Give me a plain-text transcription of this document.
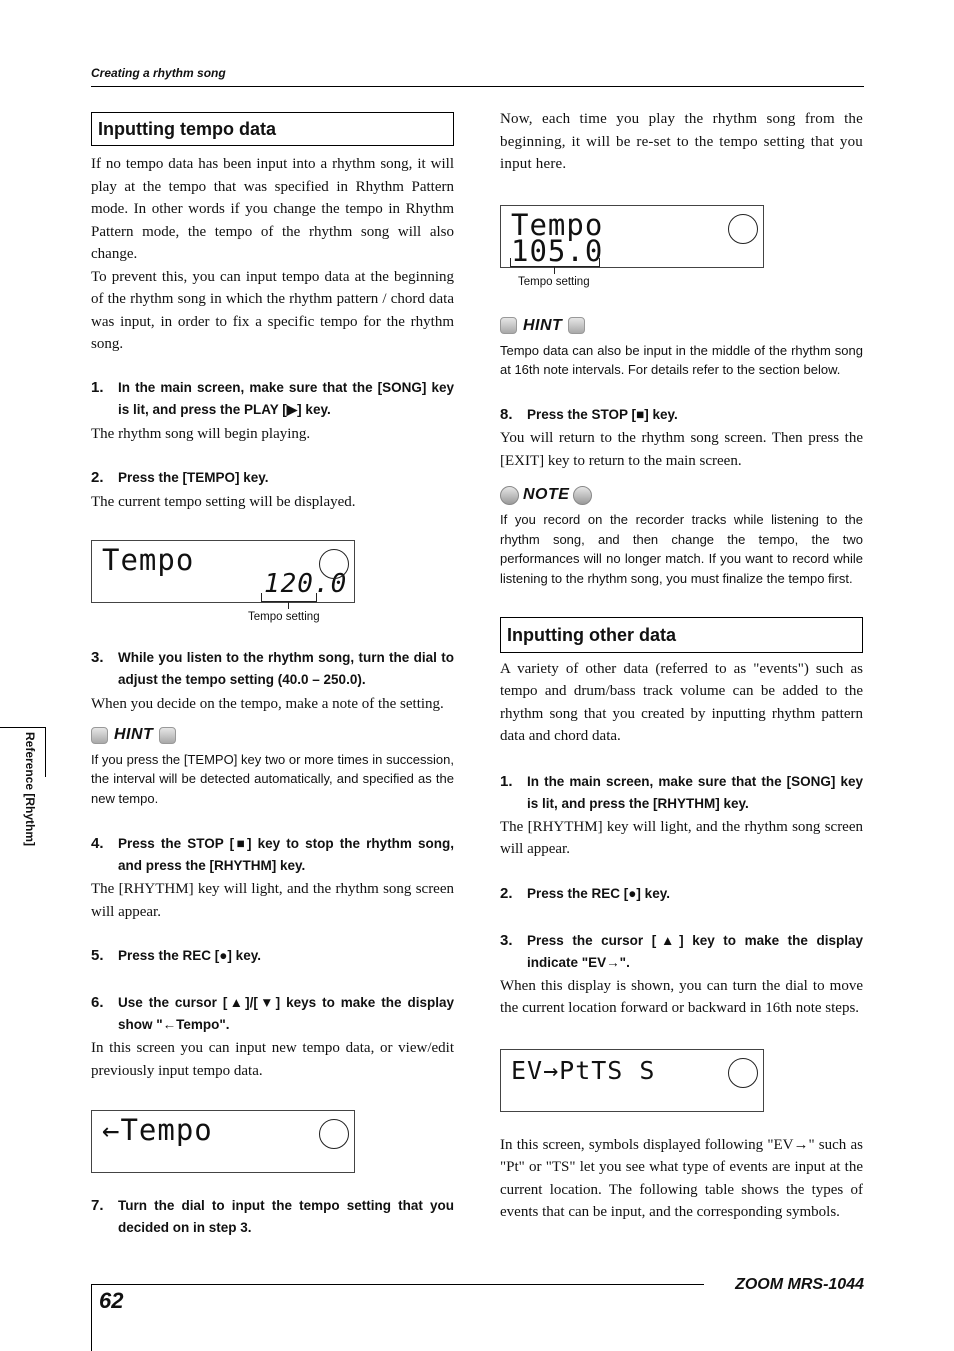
Creating a rhythm song
Reference [Rhythm]
Inputting tempo data

If no tempo data has been input into a rhythm song, it will play at the tempo that was specified in Rhythm Pattern mode. In other words if you change the tempo in Rhythm Pattern mode, the tempo of the rhythm song will also change.

To prevent this, you can input tempo data at the beginning of the rhythm song in which the rhythm pattern / chord data was input, in order to fix a specific tempo for the rhythm song.

1.	In the main screen, make sure that the [SONG] key is lit, and press the PLAY [▶] key.

The rhythm song will begin playing.

2.	Press the [TEMPO] key.

The current tempo setting will be displayed.

Tempo
120.0
Tempo setting
3.	While you listen to the rhythm song, turn the dial to adjust the tempo setting (40.0 – 250.0).

When you decide on the tempo, make a note of the setting.

HINT

If you press the [TEMPO] key two or more times in succession, the interval will be detected automatically, and specified as the new tempo.

4.	Press the STOP [■] key to stop the rhythm song, and press the [RHYTHM] key.

The [RHYTHM] key will light, and the rhythm song screen will appear.

5.	Press the REC [●] key.
6.	Use the cursor [▲]/[▼] keys to make the display show "←Tempo".

In this screen you can input new tempo data, or view/edit previously input tempo data.

←Tempo
7.	Turn the dial to input the tempo setting that you decided on in step 3.

Now, each time you play the rhythm song from the beginning, it will be re-set to the tempo setting that you input here.

Tempo
105.0
Tempo setting
HINT

Tempo data can also be input in the middle of the rhythm song at 16th note intervals. For details refer to the section below.

8.	Press the STOP [■] key.

You will return to the rhythm song screen. Then press the [EXIT] key to return to the main screen.

NOTE

If you record on the recorder tracks while listening to the rhythm song, and then change the tempo, the two performances will no longer match. If you want to record while listening to the rhythm song, you must finalize the tempo first.

Inputting other data

A variety of other data (referred to as "events") such as tempo and drum/bass track volume can be added to the rhythm song that you created by inputting rhythm pattern data and chord data.

1.	In the main screen, make sure that the [SONG] key is lit, and press the [RHYTHM] key.

The [RHYTHM] key will light, and the rhythm song screen will appear.

2.	Press the REC [●] key.
3.	Press the cursor [▲] key to make the display indicate "EV→".

When this display is shown, you can turn the dial to move the current location forward or backward in 16th note steps.

EV→PtTS S

In this screen, symbols displayed following "EV→" such as "Pt" or "TS" let you see what type of events are input at the current location. The following table shows the types of events that can be input, and the corresponding symbols.

62
ZOOM MRS-1044
